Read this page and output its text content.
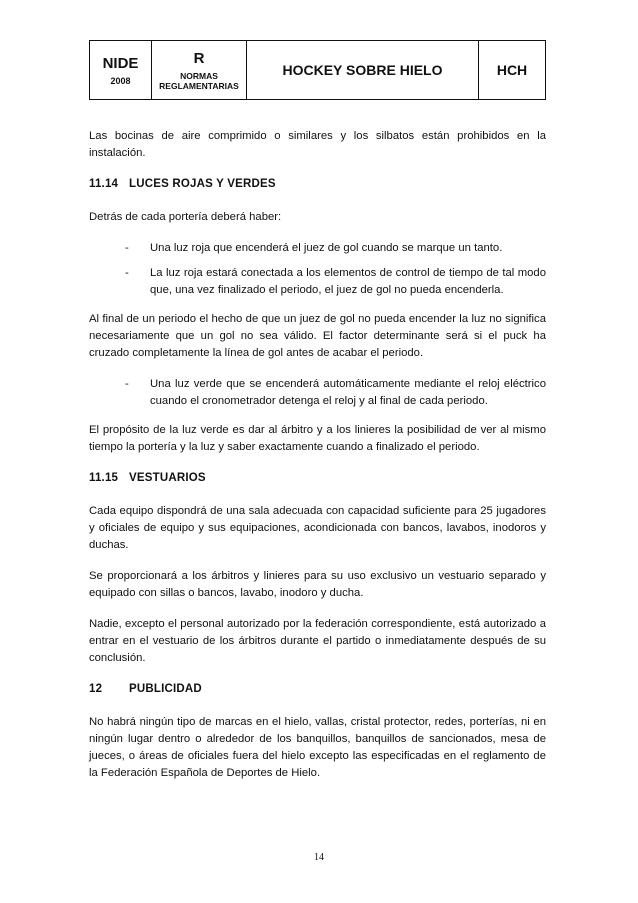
NIDE
2008
R
NORMAS
REGLAMENTARIAS
HOCKEY SOBRE HIELO	HCH

Las bocinas de aire comprimido o similares y los silbatos están prohibidos en la instalación.

11.14 LUCES ROJAS Y VERDES

Detrás de cada portería deberá haber:

- Una luz roja que encenderá el juez de gol cuando se marque un tanto.
- La luz roja estará conectada a los elementos de control de tiempo de tal modo que, una vez finalizado el periodo, el juez de gol no pueda encenderla.

Al final de un periodo el hecho de que un juez de gol no pueda encender la luz no significa necesariamente que un gol no sea válido. El factor determinante será si el puck ha cruzado completamente la línea de gol antes de acabar el periodo.

- Una luz verde que se encenderá automáticamente mediante el reloj eléctrico cuando el cronometrador detenga el reloj y al final de cada periodo.

El propósito de la luz verde es dar al árbitro y a los linieres la posibilidad de ver al mismo tiempo la portería y la luz y saber exactamente cuando a finalizado el periodo.

11.15 VESTUARIOS

Cada equipo dispondrá de una sala adecuada con capacidad suficiente para 25 jugadores y oficiales de equipo y sus equipaciones, acondicionada con bancos, lavabos, inodoros y duchas.

Se proporcionará a los árbitros y linieres para su uso exclusivo un vestuario separado y equipado con sillas o bancos, lavabo, inodoro y ducha.

Nadie, excepto el personal autorizado por la federación correspondiente, está autorizado a entrar en el vestuario de los árbitros durante el partido o inmediatamente después de su conclusión.

12 PUBLICIDAD

No habrá ningún tipo de marcas en el hielo, vallas, cristal protector, redes, porterías, ni en ningún lugar dentro o alrededor de los banquillos, banquillos de sancionados, mesa de jueces, o áreas de oficiales fuera del hielo excepto las especificadas en el reglamento de la Federación Española de Deportes de Hielo.

14
